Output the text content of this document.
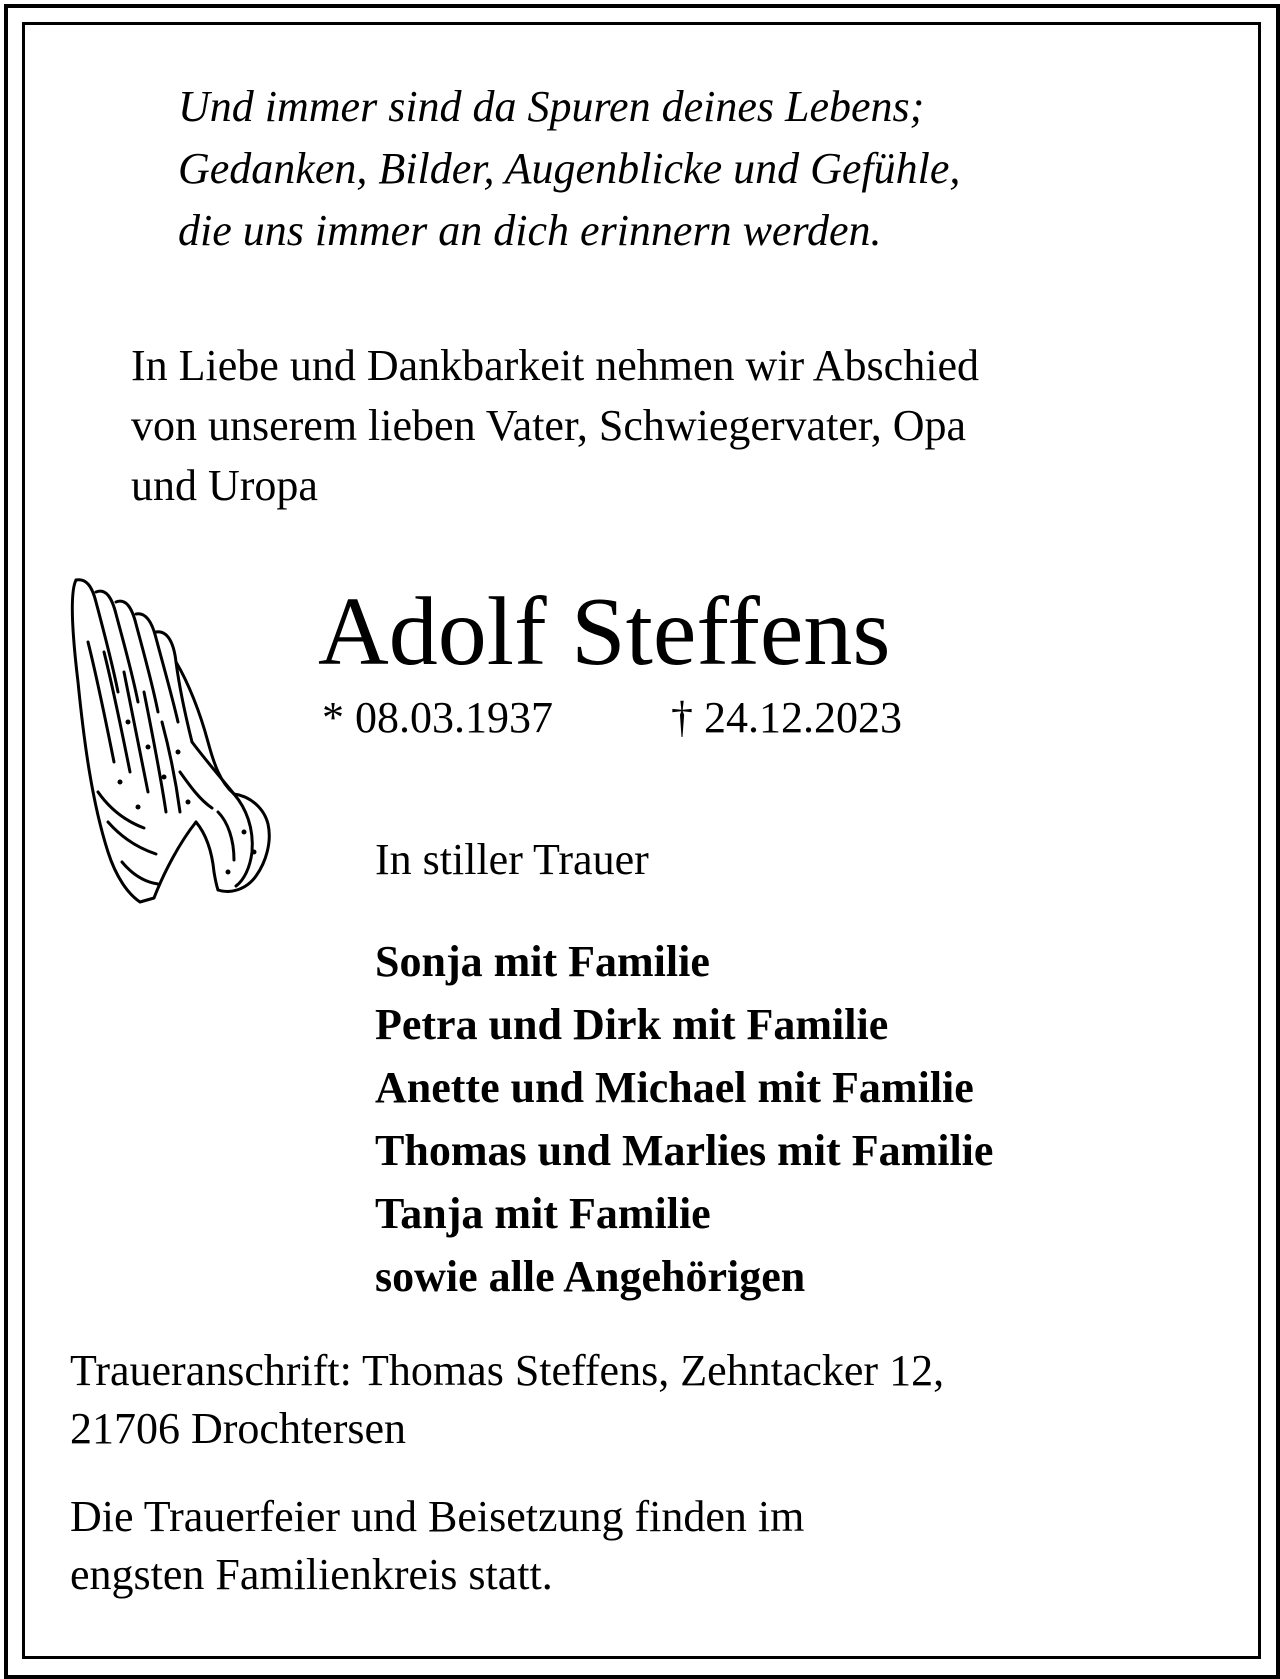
Und immer sind da Spuren deines Lebens;
Gedanken, Bilder, Augenblicke und Gefühle,
die uns immer an dich erinnern werden.
In Liebe und Dankbarkeit nehmen wir Abschied
von unserem lieben Vater, Schwiegervater, Opa
und Uropa
Adolf Steffens
* 08.03.1937	† 24.12.2023
In stiller Trauer
Sonja mit Familie
Petra und Dirk mit Familie
Anette und Michael mit Familie
Thomas und Marlies mit Familie
Tanja mit Familie
sowie alle Angehörigen
Traueranschrift: Thomas Steffens, Zehntacker 12,
21706 Drochtersen
Die Trauerfeier und Beisetzung finden im
engsten Familienkreis statt.
